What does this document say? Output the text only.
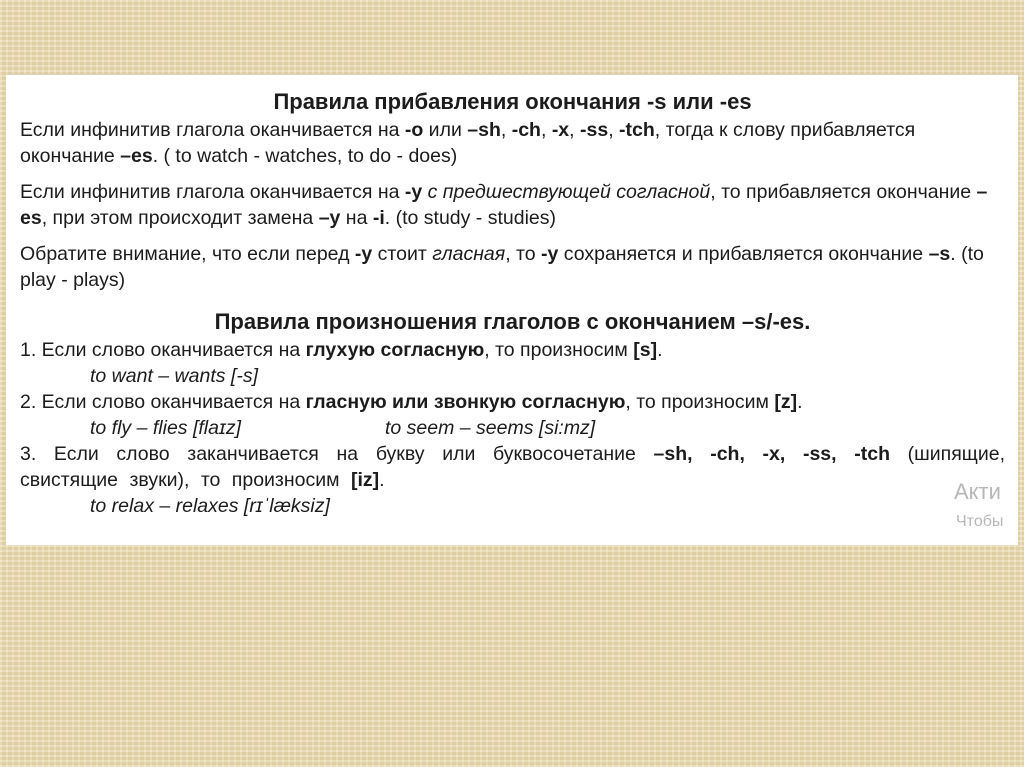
Правила прибавления окончания -s или -es

Если инфинитив глагола оканчивается на -o или –sh, -ch, -x, -ss, -tch, тогда к слову прибавляется окончание –es. ( to watch - watches, to do - does)

Если инфинитив глагола оканчивается на -y с предшествующей согласной, то прибавляется окончание –es, при этом происходит замена –y на -i. (to study - studies)

Обратите внимание, что если перед -y стоит гласная, то -y сохраняется и прибавляется окончание –s. (to play - plays)

Правила произношения глаголов с окончанием –s/-es.

1. Если слово оканчивается на глухую согласную, то произносим [s].

to want – wants [-s]

2. Если слово оканчивается на гласную или звонкую согласную, то произносим [z].

to fly – flies [flaɪz]	to seem – seems [si:mz]

3. Если слово заканчивается на букву или буквосочетание –sh, -ch, -x, -ss, -tch (шипящие, свистящие звуки), то произносим [iz].

to relax – relaxes [rɪˈlæksiz]

Акти
Чтобы
